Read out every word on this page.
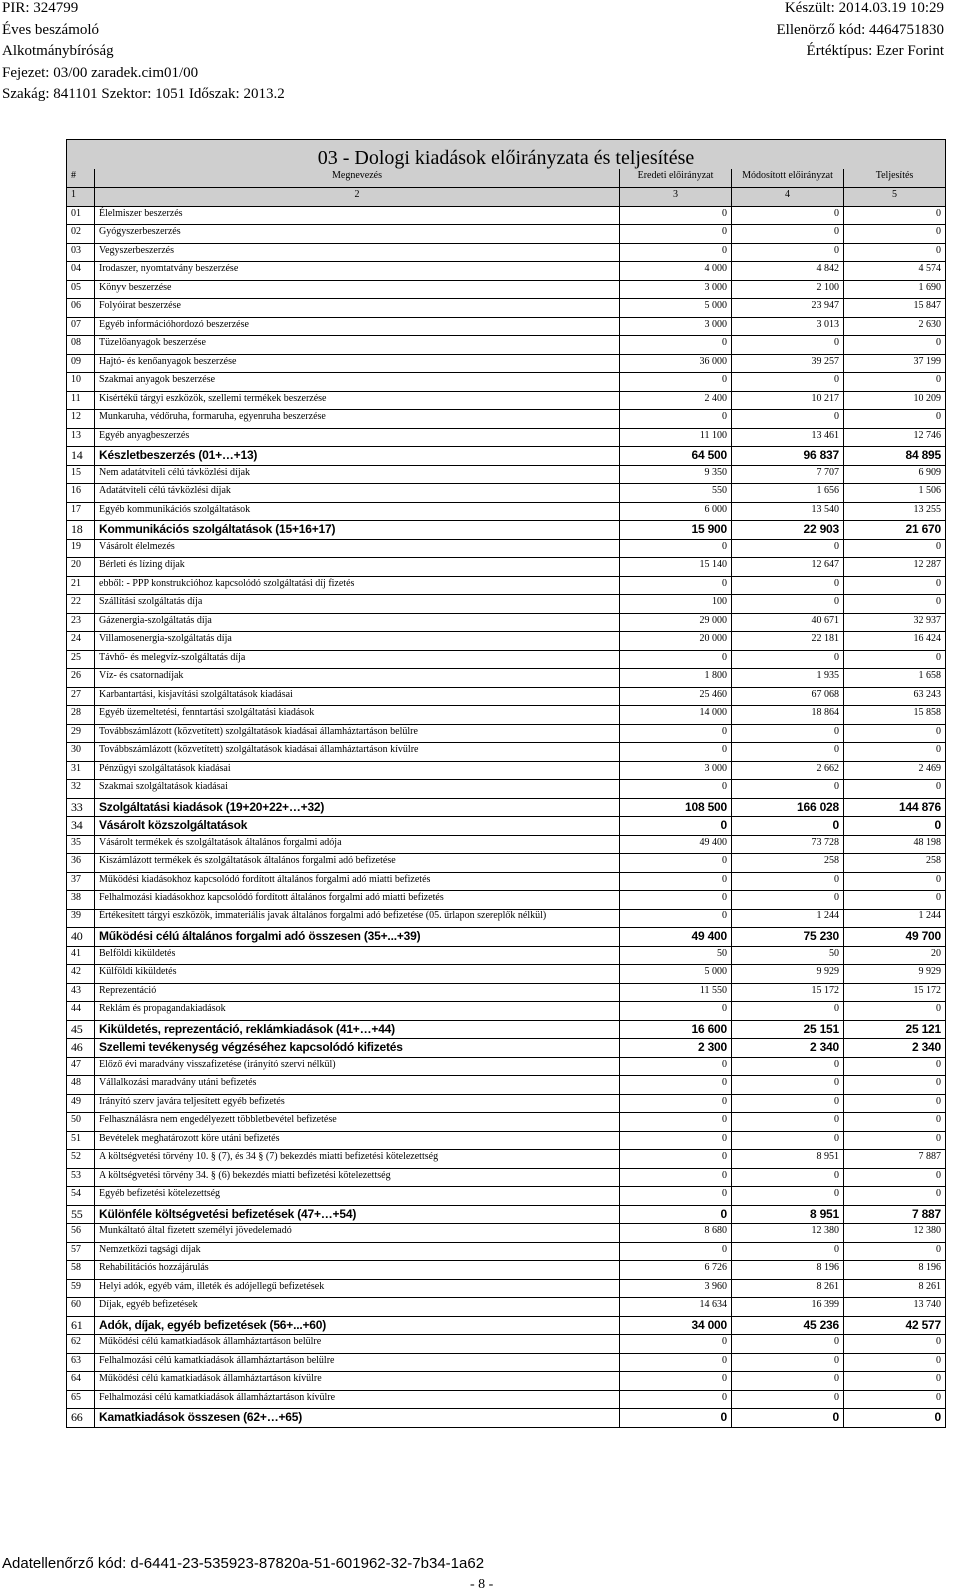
PIR: 324799
Éves beszámoló
Alkotmánybíróság
Fejezet: 03/00 zaradek.cim01/00
Szakág: 841101 Szektor: 1051 Időszak: 2013.2
Készült: 2014.03.19 10:29
Ellenörző kód: 4464751830
Értéktípus: Ezer Forint
03 - Dologi kiadások előirányzata és teljesítése				
#	Megnevezés	Eredeti előirányzat	Módosított előirányzat	Teljesítés
1	2	3	4	5
01	Élelmiszer beszerzés	0	0	0
02	Gyógyszerbeszerzés	0	0	0
03	Vegyszerbeszerzés	0	0	0
04	Irodaszer, nyomtatvány beszerzése	4 000	4 842	4 574
05	Könyv beszerzése	3 000	2 100	1 690
06	Folyóirat beszerzése	5 000	23 947	15 847
07	Egyéb információhordozó beszerzése	3 000	3 013	2 630
08	Tüzelőanyagok beszerzése	0	0	0
09	Hajtó- és kenőanyagok beszerzése	36 000	39 257	37 199
10	Szakmai anyagok beszerzése	0	0	0
11	Kisértékű tárgyi eszközök, szellemi termékek beszerzése	2 400	10 217	10 209
12	Munkaruha, védőruha, formaruha, egyenruha beszerzése	0	0	0
13	Egyéb anyagbeszerzés	11 100	13 461	12 746
14	Készletbeszerzés (01+…+13)	64 500	96 837	84 895
15	Nem adatátviteli célú távközlési díjak	9 350	7 707	6 909
16	Adatátviteli célú távközlési díjak	550	1 656	1 506
17	Egyéb kommunikációs szolgáltatások	6 000	13 540	13 255
18	Kommunikációs szolgáltatások (15+16+17)	15 900	22 903	21 670
19	Vásárolt élelmezés	0	0	0
20	Bérleti és lízing díjak	15 140	12 647	12 287
21	ebből: - PPP konstrukcióhoz kapcsolódó szolgáltatási díj fizetés	0	0	0
22	Szállítási szolgáltatás díja	100	0	0
23	Gázenergia-szolgáltatás díja	29 000	40 671	32 937
24	Villamosenergia-szolgáltatás díja	20 000	22 181	16 424
25	Távhő- és melegvíz-szolgáltatás díja	0	0	0
26	Víz- és csatornadíjak	1 800	1 935	1 658
27	Karbantartási, kisjavítási szolgáltatások kiadásai	25 460	67 068	63 243
28	Egyéb üzemeltetési, fenntartási szolgáltatási kiadások	14 000	18 864	15 858
29	Továbbszámlázott (közvetített) szolgáltatások kiadásai államháztartáson belülre	0	0	0
30	Továbbszámlázott (közvetített) szolgáltatások kiadásai államháztartáson kívülre	0	0	0
31	Pénzügyi szolgáltatások kiadásai	3 000	2 662	2 469
32	Szakmai szolgáltatások kiadásai	0	0	0
33	Szolgáltatási kiadások (19+20+22+…+32)	108 500	166 028	144 876
34	Vásárolt közszolgáltatások	0	0	0
35	Vásárolt termékek és szolgáltatások általános forgalmi adója	49 400	73 728	48 198
36	Kiszámlázott termékek és szolgáltatások általános forgalmi adó befizetése	0	258	258
37	Működési kiadásokhoz kapcsolódó fordított általános forgalmi adó miatti befizetés	0	0	0
38	Felhalmozási kiadásokhoz kapcsolódó fordított általános forgalmi adó miatti befizetés	0	0	0
39	Értékesített tárgyi eszközök, immateriális javak általános forgalmi adó befizetése (05. űrlapon szereplők nélkül)	0	1 244	1 244
40	Működési célú általános forgalmi adó összesen (35+...+39)	49 400	75 230	49 700
41	Belföldi kiküldetés	50	50	20
42	Külföldi kiküldetés	5 000	9 929	9 929
43	Reprezentáció	11 550	15 172	15 172
44	Reklám és propagandakiadások	0	0	0
45	Kiküldetés, reprezentáció, reklámkiadások (41+…+44)	16 600	25 151	25 121
46	Szellemi tevékenység végzéséhez kapcsolódó kifizetés	2 300	2 340	2 340
47	Előző évi maradvány visszafizetése (irányító szervi nélkül)	0	0	0
48	Vállalkozási maradvány utáni befizetés	0	0	0
49	Irányító szerv javára teljesített egyéb befizetés	0	0	0
50	Felhasználásra nem engedélyezett többletbevétel befizetése	0	0	0
51	Bevételek meghatározott köre utáni befizetés	0	0	0
52	A költségvetési törvény 10. § (7), és 34 § (7) bekezdés miatti befizetési kötelezettség	0	8 951	7 887
53	A költségvetési törvény 34. § (6) bekezdés miatti befizetési kötelezettség	0	0	0
54	Egyéb befizetési kötelezettség	0	0	0
55	Különféle költségvetési befizetések (47+…+54)	0	8 951	7 887
56	Munkáltató által fizetett személyi jövedelemadó	8 680	12 380	12 380
57	Nemzetközi tagsági díjak	0	0	0
58	Rehabilitációs hozzájárulás	6 726	8 196	8 196
59	Helyi adók, egyéb vám, illeték és adójellegű befizetések	3 960	8 261	8 261
60	Díjak, egyéb befizetések	14 634	16 399	13 740
61	Adók, díjak, egyéb befizetések (56+...+60)	34 000	45 236	42 577
62	Működési célú kamatkiadások államháztartáson belülre	0	0	0
63	Felhalmozási célú kamatkiadások államháztartáson belülre	0	0	0
64	Működési célú kamatkiadások államháztartáson kívülre	0	0	0
65	Felhalmozási célú kamatkiadások államháztartáson kívülre	0	0	0
66	Kamatkiadások összesen (62+…+65)	0	0	0
Adatellenőrző kód: d-6441-23-535923-87820a-51-601962-32-7b34-1a62
- 8 -
